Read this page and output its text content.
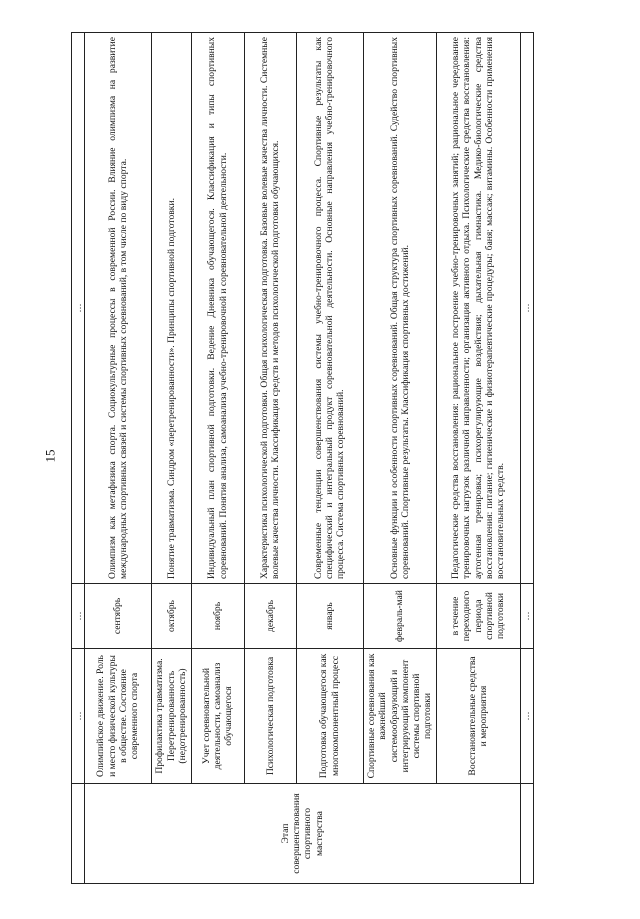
15
	…	…	…
Этап совершенствования спортивного мастерства	Олимпийское движение. Роль и место физической культуры в обществе. Состояние современного спорта	сентябрь	Олимпизм как метафизика спорта. Социокультурные процессы в современной России. Влияние олимпизма на развитие международных спортивных связей и системы спортивных соревнований, в том числе по виду спорта.
	Профилактика травматизма. Перетренированность (недотренированность)	октябрь	Понятие травматизма. Синдром «перетренированности». Принципы спортивной подготовки.
	Учет соревновательной деятельности, самоанализ обучающегося	ноябрь	Индивидуальный план спортивной подготовки. Ведение Дневника обучающегося. Классификация и типы спортивных соревнований. Понятия анализа, самоанализа учебно-тренировочной и соревновательной деятельности.
	Психологическая подготовка	декабрь	Характеристика психологической подготовки. Общая психологическая подготовка. Базовые волевые качества личности. Системные волевые качества личности. Классификация средств и методов психологической подготовки обучающихся.
	Подготовка обучающегося как многокомпонентный процесс	январь	Современные тенденции совершенствования системы учебно-тренировочного процесса. Спортивные результаты как специфический и интегральный продукт соревновательной деятельности. Основные направления учебно-тренировочного процесса. Система спортивных соревнований.
	Спортивные соревнования как важнейший системообразующий и интегрирующий компонент системы спортивной подготовки	февраль-май	Основные функции и особенности спортивных соревнований. Общая структура спортивных соревнований. Судейство спортивных соревнований. Спортивные результаты. Классификация спортивных достижений.
	Восстановительные средства и мероприятия	в течение переходного периода спортивной подготовки	Педагогические средства восстановления: рациональное построение учебно-тренировочных занятий; рациональное чередование тренировочных нагрузок различной направленности; организация активного отдыха. Психологические средства восстановления: аутогенная тренировка; психорегулирующие воздействия; дыхательная гимнастика. Медико-биологические средства восстановления: питание; гигиенические и физиотерапевтические процедуры; баня; массаж; витамины. Особенности применения восстановительных средств.
	…	…	…
